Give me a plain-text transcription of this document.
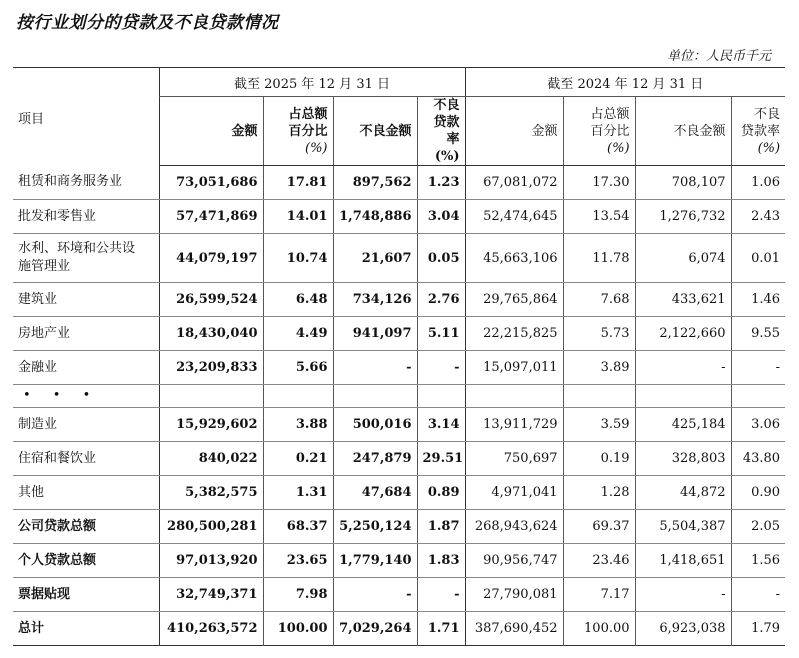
按行业划分的贷款及不良贷款情况
单位：人民币千元
项目	截至 2025 年 12 月 31 日				截至 2024 年 12 月 31 日			
	金额	占总额
百分比
(%)	不良金额	不良
贷款
率(%)	金额	占总额
百分比
(%)	不良金额	不良
贷款率
(%)
租赁和商务服务业	73,051,686	17.81	897,562	1.23	67,081,072	17.30	708,107	1.06
批发和零售业	57,471,869	14.01	1,748,886	3.04	52,474,645	13.54	1,276,732	2.43
水利、环境和公共设
施管理业	44,079,197	10.74	21,607	0.05	45,663,106	11.78	6,074	0.01
建筑业	26,599,524	6.48	734,126	2.76	29,765,864	7.68	433,621	1.46
房地产业	18,430,040	4.49	941,097	5.11	22,215,825	5.73	2,122,660	9.55
金融业	23,209,833	5.66	-	-	15,097,011	3.89	-	-
• • •								
制造业	15,929,602	3.88	500,016	3.14	13,911,729	3.59	425,184	3.06
住宿和餐饮业	840,022	0.21	247,879	29.51	750,697	0.19	328,803	43.80
其他	5,382,575	1.31	47,684	0.89	4,971,041	1.28	44,872	0.90
公司贷款总额	280,500,281	68.37	5,250,124	1.87	268,943,624	69.37	5,504,387	2.05
个人贷款总额	97,013,920	23.65	1,779,140	1.83	90,956,747	23.46	1,418,651	1.56
票据贴现	32,749,371	7.98	-	-	27,790,081	7.17	-	-
总计	410,263,572	100.00	7,029,264	1.71	387,690,452	100.00	6,923,038	1.79
